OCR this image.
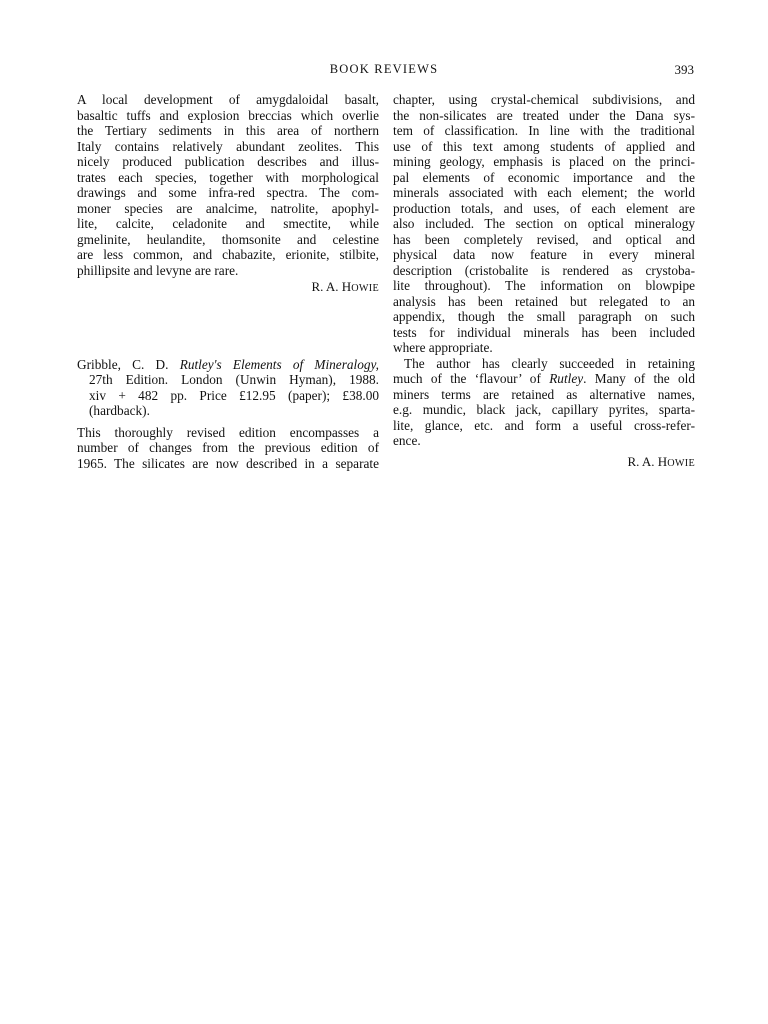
BOOK REVIEWS	393
A local development of amygdaloidal basalt,
basaltic tuffs and explosion breccias which overlie
the Tertiary sediments in this area of northern
Italy contains relatively abundant zeolites. This
nicely produced publication describes and illus-
trates each species, together with morphological
drawings and some infra-red spectra. The com-
moner species are analcime, natrolite, apophyl-
lite, calcite, celadonite and smectite, while
gmelinite, heulandite, thomsonite and celestine
are less common, and chabazite, erionite, stilbite,
phillipsite and levyne are rare.
R. A. HOWIE
Gribble, C. D. Rutley's Elements of Mineralogy,
27th Edition. London (Unwin Hyman), 1988.
xiv + 482 pp. Price £12.95 (paper); £38.00
(hardback).
This thoroughly revised edition encompasses a
number of changes from the previous edition of
1965. The silicates are now described in a separate
chapter, using crystal-chemical subdivisions, and
the non-silicates are treated under the Dana sys-
tem of classification. In line with the traditional
use of this text among students of applied and
mining geology, emphasis is placed on the princi-
pal elements of economic importance and the
minerals associated with each element; the world
production totals, and uses, of each element are
also included. The section on optical mineralogy
has been completely revised, and optical and
physical data now feature in every mineral
description (cristobalite is rendered as crystoba-
lite throughout). The information on blowpipe
analysis has been retained but relegated to an
appendix, though the small paragraph on such
tests for individual minerals has been included
where appropriate.
The author has clearly succeeded in retaining
much of the ‘flavour’ of Rutley. Many of the old
miners terms are retained as alternative names,
e.g. mundic, black jack, capillary pyrites, sparta-
lite, glance, etc. and form a useful cross-refer-
ence.
R. A. HOWIE
